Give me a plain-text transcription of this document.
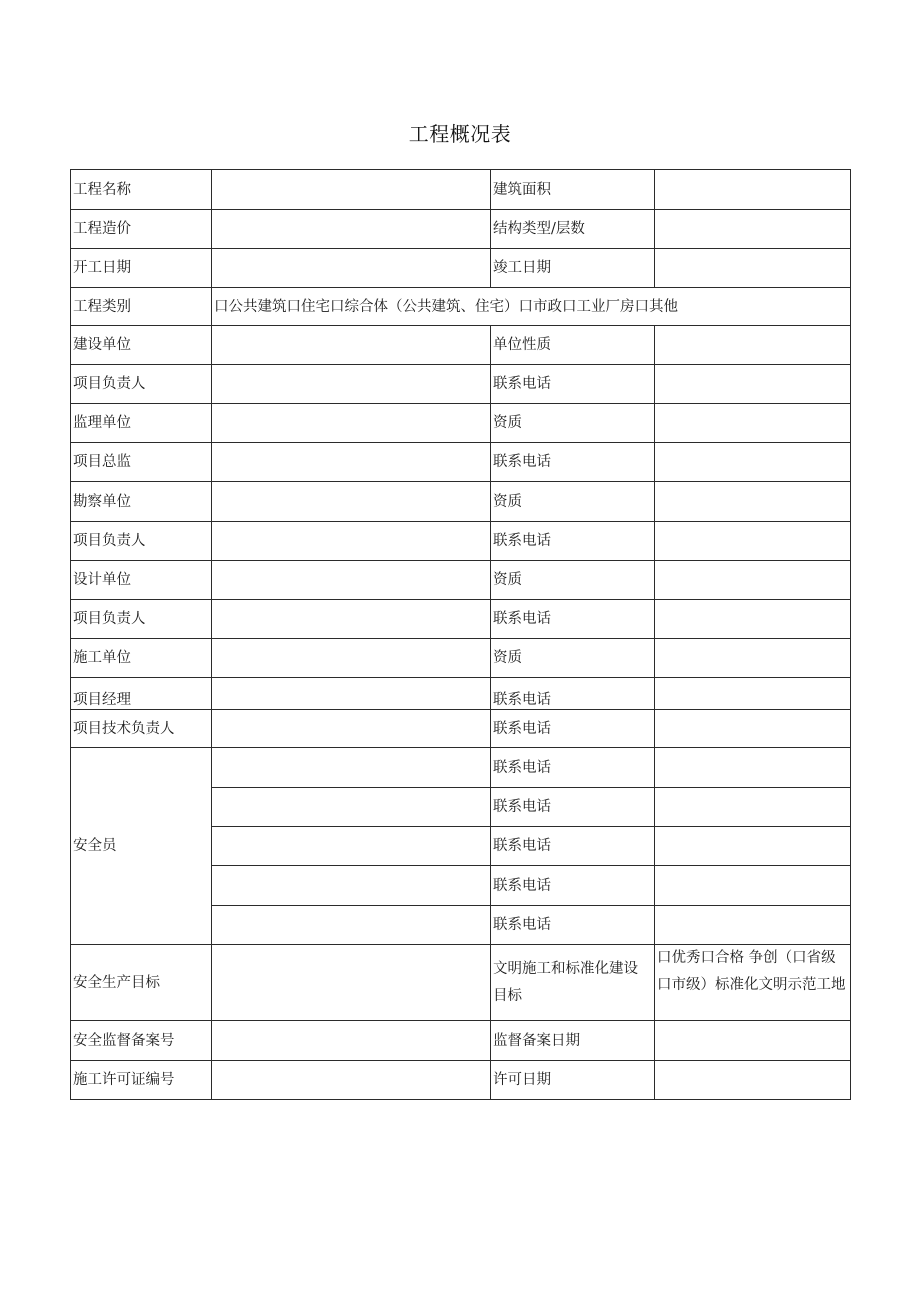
工程概况表
工程名称		建筑面积	
工程造价		结构类型/层数	
开工日期		竣工日期	
工程类别	口公共建筑口住宅口综合体（公共建筑、住宅）口市政口工业厂房口其他		
建设单位		单位性质	
项目负责人		联系电话	
监理单位		资质	
项目总监		联系电话	
勘察单位		资质	
项目负责人		联系电话	
设计单位		资质	
项目负责人		联系电话	
施工单位		资质	
项目经理		联系电话	
项目技术负责人		联系电话	
安全员		联系电话	
		联系电话	
		联系电话	
		联系电话	
		联系电话	
安全生产目标		文明施工和标准化建设目标	口优秀口合格 争创（口省级口市级）标准化文明示范工地
安全监督备案号		监督备案日期	
施工许可证编号		许可日期	
